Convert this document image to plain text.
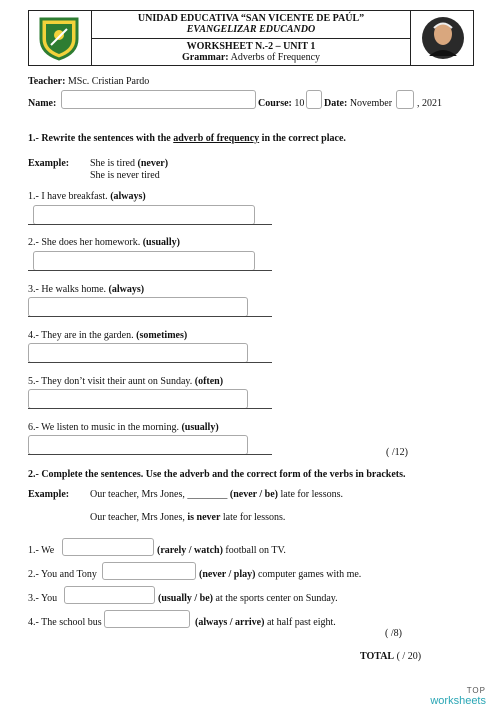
UNIDAD EDUCATIVA “SAN VICENTE DE PAÚL”
EVANGELIZAR EDUCANDO
WORKSHEET N.-2 – UNIT 1
Grammar: Adverbs of Frequency
Teacher: MSc. Cristian Pardo
Name:	Course: 10 Date: November , 2021
1.- Rewrite the sentences with the adverb of frequency in the correct place.
Example: She is tired (never)
She is never tired
1.- I have breakfast. (always)
2.- She does her homework. (usually)
3.- He walks home. (always)
4.- They are in the garden. (sometimes)
5.- They don’t visit their aunt on Sunday. (often)
6.- We listen to music in the morning. (usually)
( /12)
2.- Complete the sentences. Use the adverb and the correct form of the verbs in brackets.
Example: Our teacher, Mrs Jones, ________ (never / be) late for lessons.
Our teacher, Mrs Jones, is never late for lessons.
1.- We	(rarely / watch) football on TV.
2.- You and Tony	(never / play) computer games with me.
3.- You	(usually / be) at the sports center on Sunday.
4.- The school bus	(always / arrive) at half past eight.
( /8)
TOTAL ( / 20)
TOP
worksheets
